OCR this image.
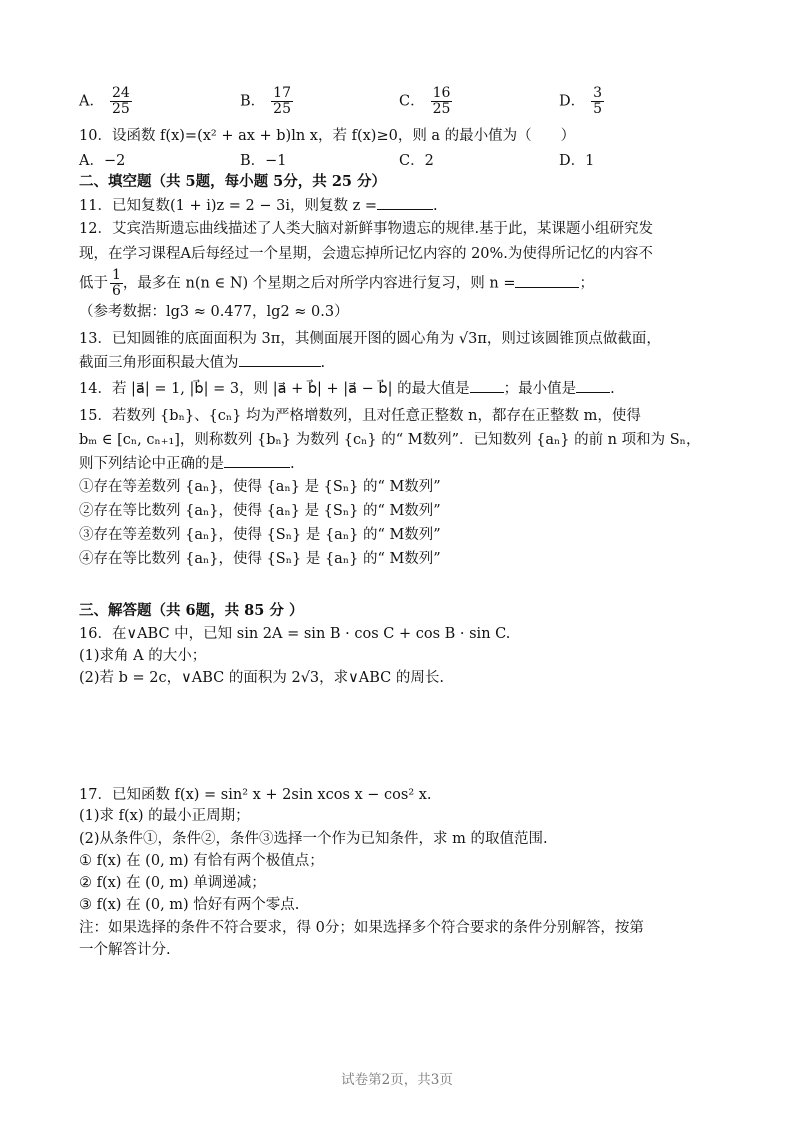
A． $\frac{24}{25}$	B． $\frac{17}{25}$	C． $\frac{16}{25}$	D． $\frac{3}{5}$
10．设函数 f(x)=(x² + ax + b)ln x，若 f(x)≥0，则 a 的最小值为（　　）
A．−2	B．−1	C．2	D．1
二、填空题（共 5题，每小题 5分，共 25 分）
11．已知复数(1 + i)z = 2 − 3i，则复数 z =	.
12．艾宾浩斯遗忘曲线描述了人类大脑对新鲜事物遗忘的规律.基于此，某课题小组研究发
现，在学习课程A后每经过一个星期，会遗忘掉所记忆内容的 20%.为使得所记忆的内容不
低于 $\frac{1}{6}$ ，最多在 n(n ∈ N) 个星期之后对所学内容进行复习，则 n =	；
（参考数据：lg3 ≈ 0.477，lg2 ≈ 0.3）
13．已知圆锥的底面面积为 3π，其侧面展开图的圆心角为 √3π，则过该圆锥顶点做截面，
截面三角形面积最大值为	.
14．若 |a⃗| = 1, |b⃗| = 3，则 |a⃗ + b⃗| + |a⃗ − b⃗| 的最大值是 ；最小值是 .
15．若数列 {bₙ}、{cₙ} 均为严格增数列，且对任意正整数 n，都存在正整数 m，使得
bₘ ∈ [cₙ, cₙ₊₁]，则称数列 {bₙ} 为数列 {cₙ} 的“ M数列”．已知数列 {aₙ} 的前 n 项和为 Sₙ，
则下列结论中正确的是	.
①存在等差数列 {aₙ}，使得 {aₙ} 是 {Sₙ} 的“ M数列”
②存在等比数列 {aₙ}，使得 {aₙ} 是 {Sₙ} 的“ M数列”
③存在等差数列 {aₙ}，使得 {Sₙ} 是 {aₙ} 的“ M数列”
④存在等比数列 {aₙ}，使得 {Sₙ} 是 {aₙ} 的“ M数列”
三、解答题（共 6题，共 85 分 ）
16．在∨ABC 中，已知 sin 2A = sin B · cos C + cos B · sin C.
(1)求角 A 的大小；
(2)若 b = 2c，∨ABC 的面积为 2√3，求∨ABC 的周长.
17．已知函数 f(x) = sin² x + 2sin xcos x − cos² x.
(1)求 f(x) 的最小正周期；
(2)从条件①，条件②，条件③选择一个作为已知条件，求 m 的取值范围.
① f(x) 在 (0, m) 有恰有两个极值点；
② f(x) 在 (0, m) 单调递减；
③ f(x) 在 (0, m) 恰好有两个零点.
注：如果选择的条件不符合要求，得 0分；如果选择多个符合要求的条件分别解答，按第
一个解答计分.
试卷第2页，共3页
